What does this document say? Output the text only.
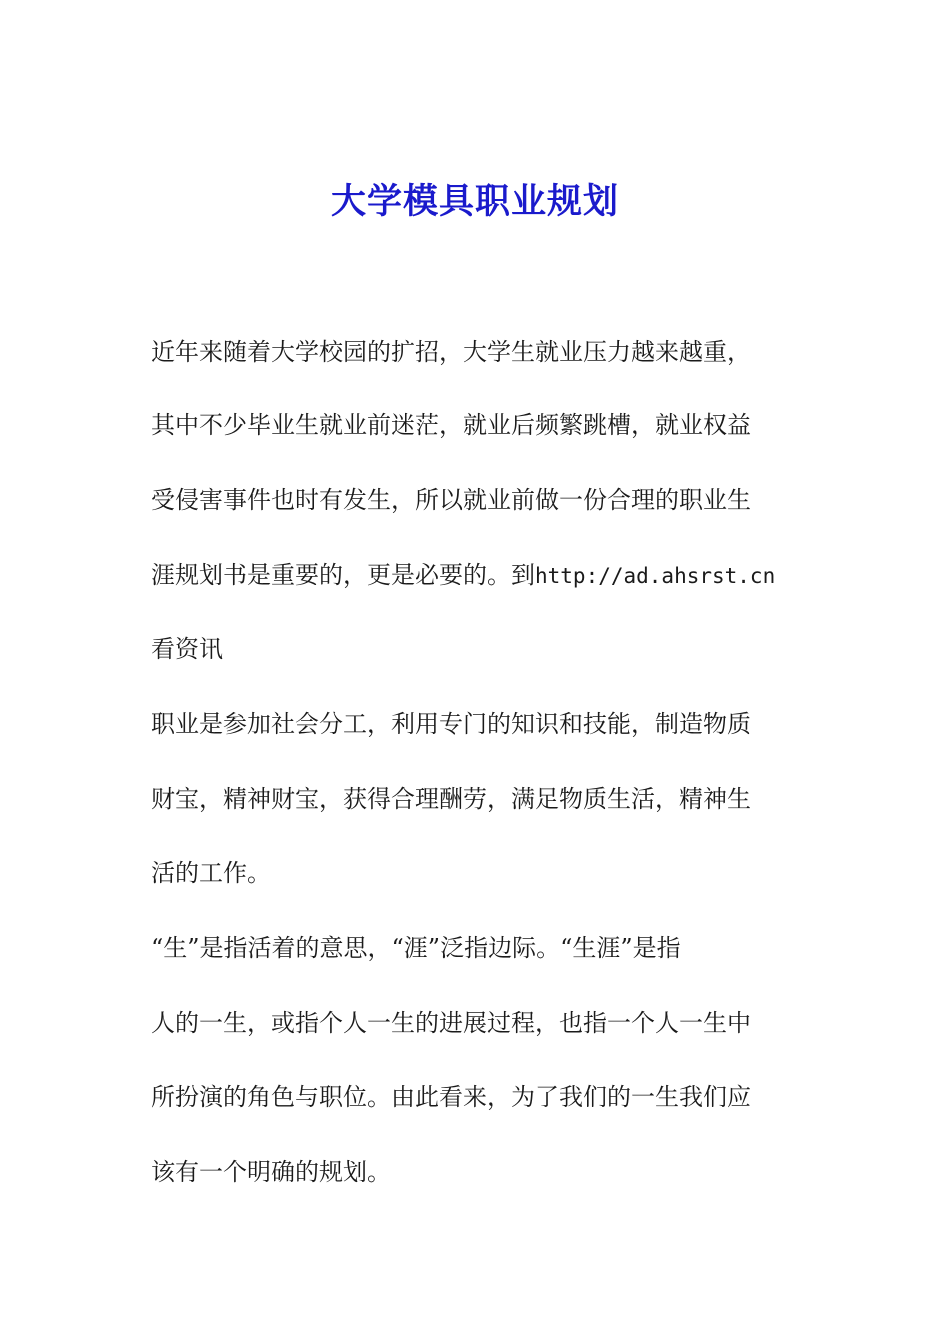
大学模具职业规划

近年来随着大学校园的扩招，大学生就业压力越来越重，

其中不少毕业生就业前迷茫，就业后频繁跳槽，就业权益

受侵害事件也时有发生，所以就业前做一份合理的职业生

涯规划书是重要的，更是必要的。到http://ad.ahsrst.cn

看资讯

职业是参加社会分工，利用专门的知识和技能，制造物质

财宝，精神财宝，获得合理酬劳，满足物质生活，精神生

活的工作。

“生”是指活着的意思，“涯”泛指边际。“生涯”是指

人的一生，或指个人一生的进展过程，也指一个人一生中

所扮演的角色与职位。由此看来，为了我们的一生我们应

该有一个明确的规划。
